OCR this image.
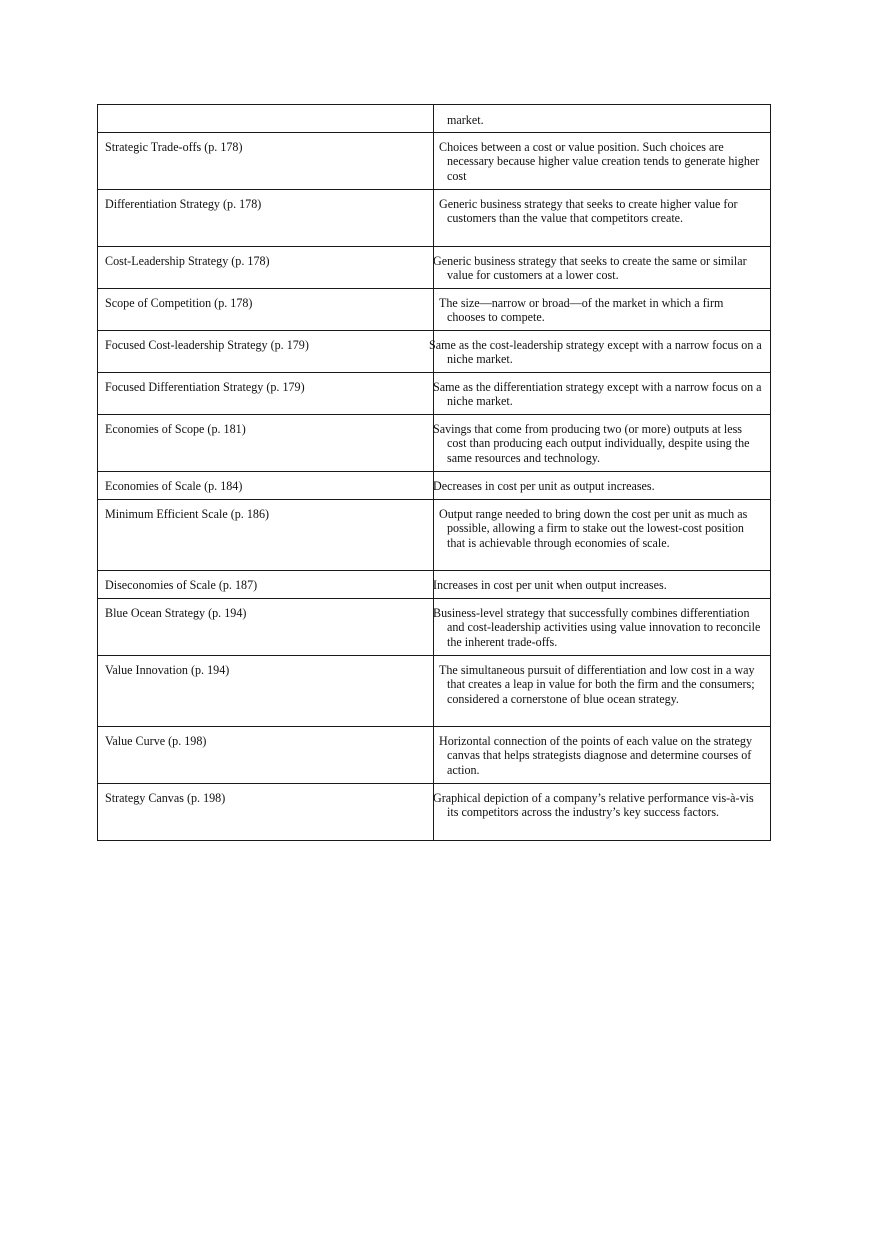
	market.

Strategic Trade-offs (p. 178)	Choices between a cost or value position. Such choices are necessary because higher value creation tends to generate higher cost

Differentiation Strategy (p. 178)	Generic business strategy that seeks to create higher value for customers than the value that competitors create.

Cost-Leadership Strategy (p. 178)	Generic business strategy that seeks to create the same or similar value for customers at a lower cost.

Scope of Competition (p. 178)	The size—narrow or broad—of the market in which a firm chooses to compete.

Focused Cost-leadership Strategy (p. 179)	Same as the cost-leadership strategy except with a narrow focus on a niche market.

Focused Differentiation Strategy (p. 179)	Same as the differentiation strategy except with a narrow focus on a niche market.

Economies of Scope (p. 181)	Savings that come from producing two (or more) outputs at less cost than producing each output individually, despite using the same resources and technology.

Economies of Scale (p. 184)	Decreases in cost per unit as output increases.

Minimum Efficient Scale (p. 186)	Output range needed to bring down the cost per unit as much as possible, allowing a firm to stake out the lowest-cost position that is achievable through economies of scale.

Diseconomies of Scale (p. 187)	Increases in cost per unit when output increases.

Blue Ocean Strategy (p. 194)	Business-level strategy that successfully combines differentiation and cost-leadership activities using value innovation to reconcile the inherent trade-offs.

Value Innovation (p. 194)	The simultaneous pursuit of differentiation and low cost in a way that creates a leap in value for both the firm and the consumers; considered a cornerstone of blue ocean strategy.

Value Curve (p. 198)	Horizontal connection of the points of each value on the strategy canvas that helps strategists diagnose and determine courses of action.

Strategy Canvas (p. 198)	Graphical depiction of a company’s relative performance vis-à-vis its competitors across the industry’s key success factors.
